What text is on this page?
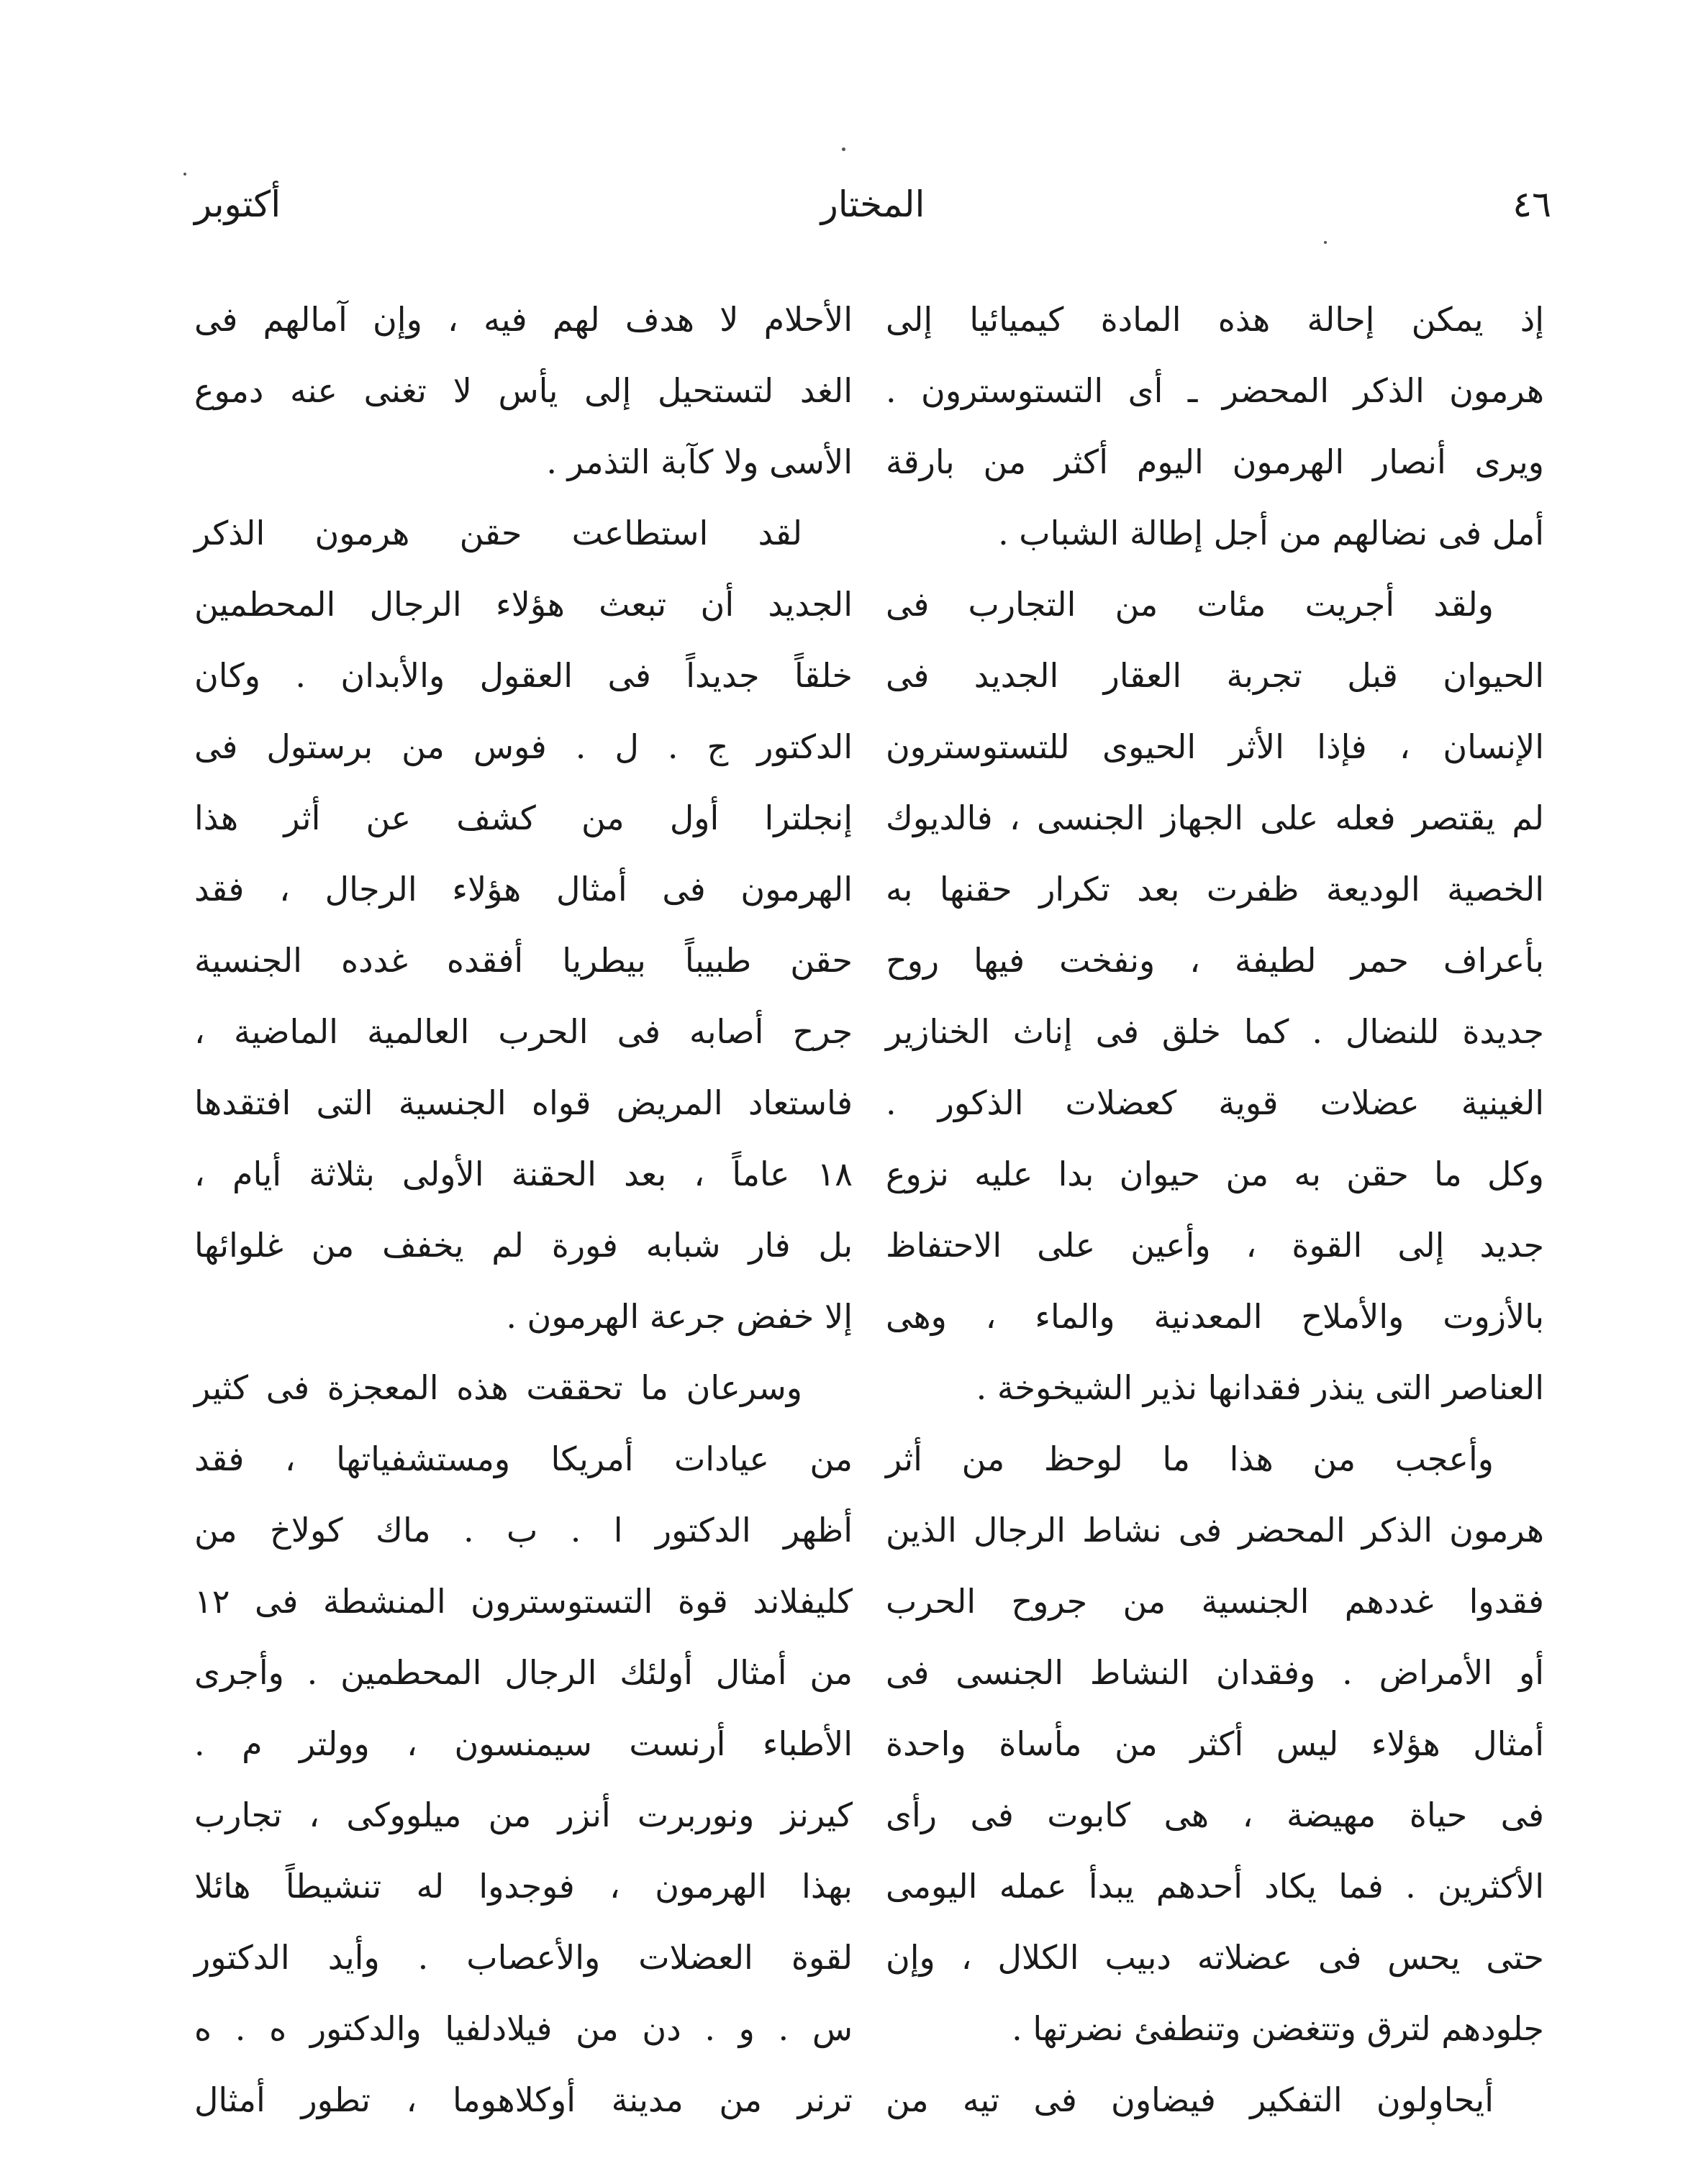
٤٦
المختار
أكتوبر
إذ يمكن إحالة هذه المادة كيميائيا إلى
هرمون الذكر المحضر ـ أى التستوسترون .
ويرى أنصار الهرمون اليوم أكثر من بارقة
أمل فى نضالهم من أجل إطالة الشباب .
ولقد أجريت مئات من التجارب فى
الحيوان قبل تجربة العقار الجديد فى
الإنسان ، فإذا الأثر الحيوى للتستوسترون
لم يقتصر فعله على الجهاز الجنسى ، فالديوك
الخصية الوديعة ظفرت بعد تكرار حقنها به
بأعراف حمر لطيفة ، ونفخت فيها روح
جديدة للنضال . كما خلق فى إناث الخنازير
الغينية عضلات قوية كعضلات الذكور .
وكل ما حقن به من حيوان بدا عليه نزوع
جديد إلى القوة ، وأعين على الاحتفاظ
بالأزوت والأملاح المعدنية والماء ، وهى
العناصر التى ينذر فقدانها نذير الشيخوخة .
وأعجب من هذا ما لوحظ من أثر
هرمون الذكر المحضر فى نشاط الرجال الذين
فقدوا غددهم الجنسية من جروح الحرب
أو الأمراض . وفقدان النشاط الجنسى فى
أمثال هؤلاء ليس أكثر من مأساة واحدة
فى حياة مهيضة ، هى كابوت فى رأى
الأكثرين . فما يكاد أحدهم يبدأ عمله اليومى
حتى يحس فى عضلاته دبيب الكلال ، وإن
جلودهم لترق وتتغضن وتنطفئ نضرتها .
أيحاولون التفكير فيضاون فى تيه من
الأحلام لا هدف لهم فيه ، وإن آمالهم فى
الغد لتستحيل إلى يأس لا تغنى عنه دموع
الأسى ولا كآبة التذمر .
لقد استطاعت حقن هرمون الذكر
الجديد أن تبعث هؤلاء الرجال المحطمين
خلقاً جديداً فى العقول والأبدان . وكان
الدكتور ج . ل . فوس من برستول فى
إنجلترا أول من كشف عن أثر هذا
الهرمون فى أمثال هؤلاء الرجال ، فقد
حقن طبيباً بيطريا أفقده غدده الجنسية
جرح أصابه فى الحرب العالمية الماضية ،
فاستعاد المريض قواه الجنسية التى افتقدها
١٨ عاماً ، بعد الحقنة الأولى بثلاثة أيام ،
بل فار شبابه فورة لم يخفف من غلوائها
إلا خفض جرعة الهرمون .
وسرعان ما تحققت هذه المعجزة فى كثير
من عيادات أمريكا ومستشفياتها ، فقد
أظهر الدكتور ا . ب . ماك كولاخ من
كليفلاند قوة التستوسترون المنشطة فى ١٢
من أمثال أولئك الرجال المحطمين . وأجرى
الأطباء أرنست سيمنسون ، وولتر م .
كيرنز ونوربرت أنزر من ميلووكى ، تجارب
بهذا الهرمون ، فوجدوا له تنشيطاً هائلا
لقوة العضلات والأعصاب . وأيد الدكتور
س . و . دن من فيلادلفيا والدكتور ه . ه
ترنر من مدينة أوكلاهوما ، تطور أمثال
